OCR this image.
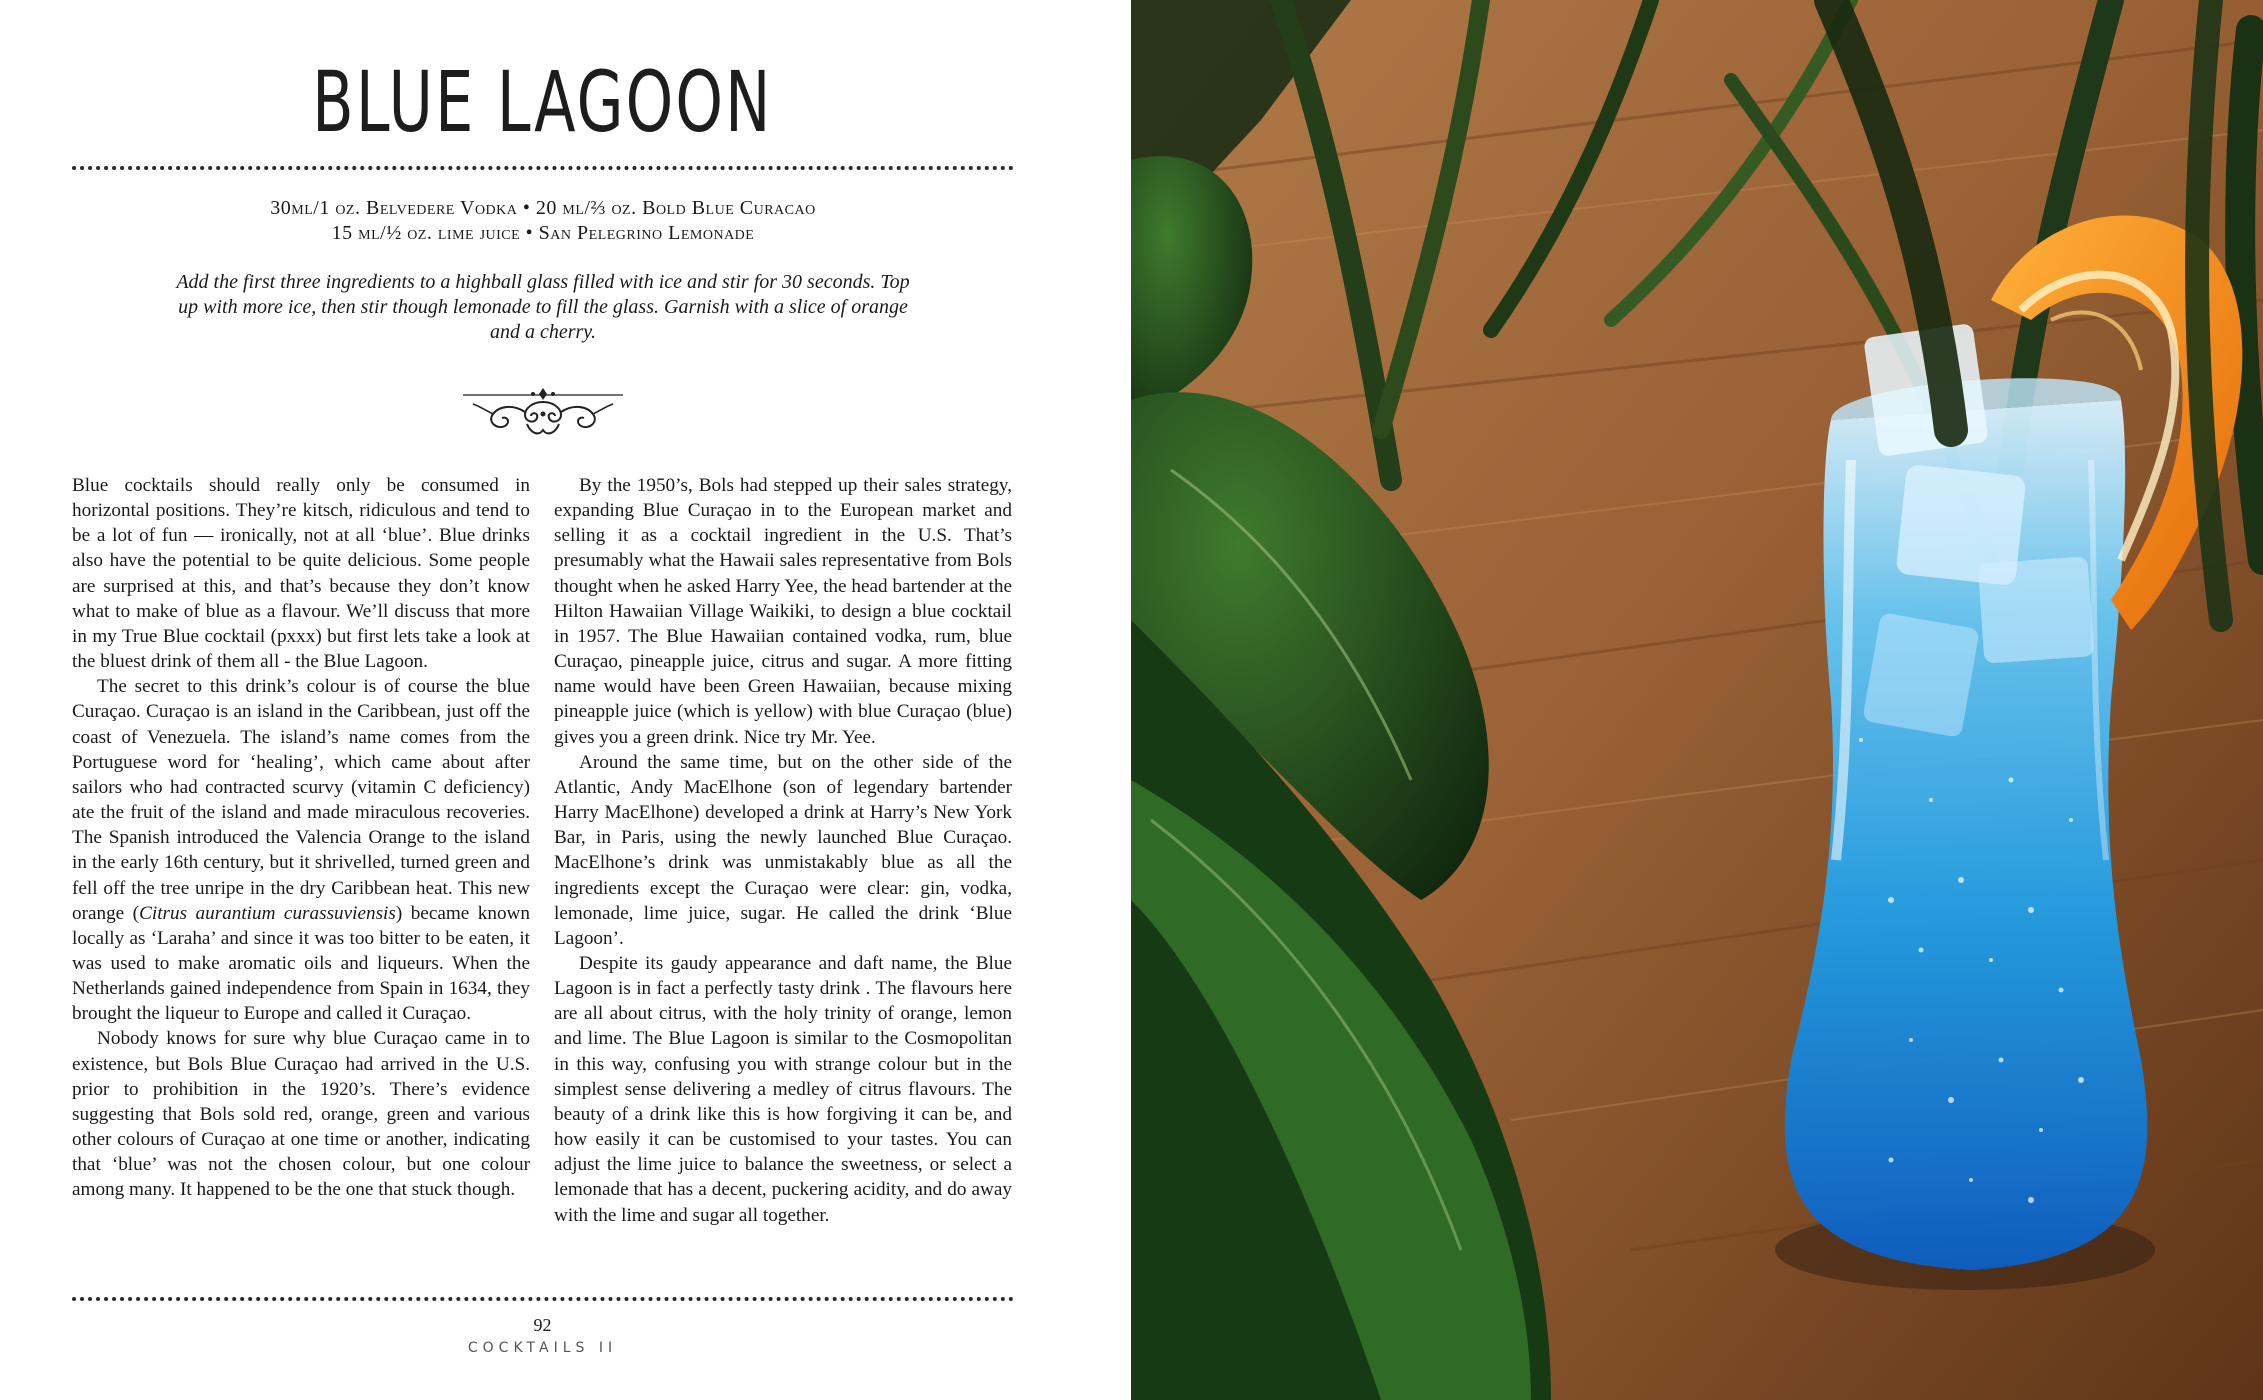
BLUE LAGOON
30ml/1 oz. Belvedere Vodka • 20 ml/⅔ oz. Bold Blue Curacao
15 ml/½ oz. lime juice • San Pelegrino Lemonade
Add the first three ingredients to a highball glass filled with ice and stir for 30 seconds. Top up with more ice, then stir though lemonade to fill the glass. Garnish with a slice of orange and a cherry.

Blue cocktails should really only be consumed in horizontal positions. They’re kitsch, ridiculous and tend to be a lot of fun — ironically, not at all ‘blue’. Blue drinks also have the potential to be quite delicious. Some people are surprised at this, and that’s because they don’t know what to make of blue as a flavour. We’ll discuss that more in my True Blue cocktail (pxxx) but first lets take a look at the bluest drink of them all - the Blue Lagoon.

The secret to this drink’s colour is of course the blue Curaçao. Curaçao is an island in the Caribbean, just off the coast of Venezuela. The island’s name comes from the Portuguese word for ‘healing’, which came about after sailors who had contracted scurvy (vitamin C deficiency) ate the fruit of the island and made miraculous recoveries. The Spanish introduced the Valencia Orange to the island in the early 16th century, but it shrivelled, turned green and fell off the tree unripe in the dry Caribbean heat. This new orange (Citrus aurantium curassuviensis) became known locally as ‘Laraha’ and since it was too bitter to be eaten, it was used to make aromatic oils and liqueurs. When the Netherlands gained independence from Spain in 1634, they brought the liqueur to Europe and called it Curaçao.

Nobody knows for sure why blue Curaçao came in to existence, but Bols Blue Curaçao had arrived in the U.S. prior to prohibition in the 1920’s. There’s evidence suggesting that Bols sold red, orange, green and various other colours of Curaçao at one time or another, indicating that ‘blue’ was not the chosen colour, but one colour among many. It happened to be the one that stuck though.

By the 1950’s, Bols had stepped up their sales strategy, expanding Blue Curaçao in to the European market and selling it as a cocktail ingredient in the U.S. That’s presumably what the Hawaii sales representative from Bols thought when he asked Harry Yee, the head bartender at the Hilton Hawaiian Village Waikiki, to design a blue cocktail in 1957. The Blue Hawaiian contained vodka, rum, blue Curaçao, pineapple juice, citrus and sugar. A more fitting name would have been Green Hawaiian, because mixing pineapple juice (which is yellow) with blue Curaçao (blue) gives you a green drink. Nice try Mr. Yee.

Around the same time, but on the other side of the Atlantic, Andy MacElhone (son of legendary bartender Harry MacElhone) developed a drink at Harry’s New York Bar, in Paris, using the newly launched Blue Curaçao. MacElhone’s drink was unmistakably blue as all the ingredients except the Curaçao were clear: gin, vodka, lemonade, lime juice, sugar. He called the drink ‘Blue Lagoon’.

Despite its gaudy appearance and daft name, the Blue Lagoon is in fact a perfectly tasty drink . The flavours here are all about citrus, with the holy trinity of orange, lemon and lime. The Blue Lagoon is similar to the Cosmopolitan in this way, confusing you with strange colour but in the simplest sense delivering a medley of citrus flavours. The beauty of a drink like this is how forgiving it can be, and how easily it can be customised to your tastes. You can adjust the lime juice to balance the sweetness, or select a lemonade that has a decent, puckering acidity, and do away with the lime and sugar all together.

92
COCKTAILS II
